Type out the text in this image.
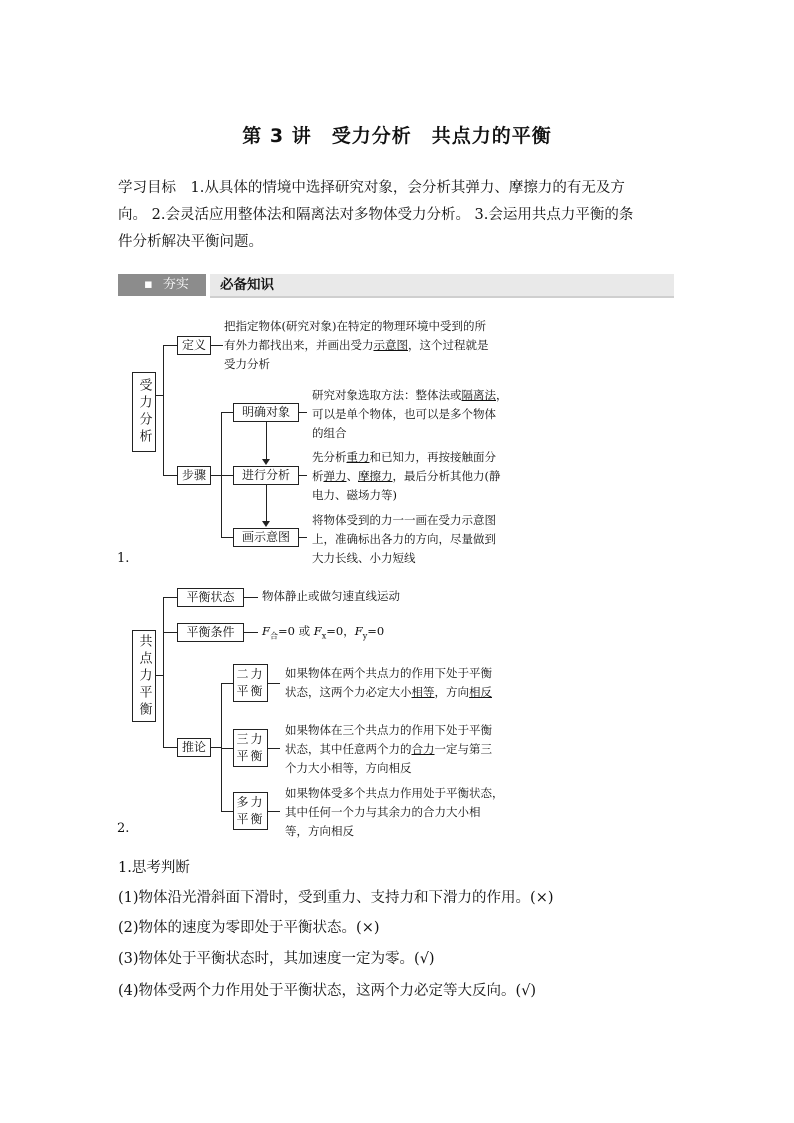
第 3 讲　受力分析　共点力的平衡
学习目标　1.从具体的情境中选择研究对象，会分析其弹力、摩擦力的有无及方
向。 2.会灵活应用整体法和隔离法对多物体受力分析。 3.会运用共点力平衡的条
件分析解决平衡问题。
▪ 夯实	必备知识
受力分析
定义
把指定物体(研究对象)在特定的物理环境中受到的所
有外力都找出来，并画出受力示意图，这个过程就是
受力分析
步骤
明确对象
研究对象选取方法：整体法或隔离法，
可以是单个物体，也可以是多个物体
的组合
进行分析
先分析重力和已知力，再按接触面分
析弹力、摩擦力，最后分析其他力(静
电力、磁场力等)
画示意图
将物体受到的力一一画在受力示意图
上，准确标出各力的方向，尽量做到
大力长线、小力短线
1.
共点力平衡
平衡状态	物体静止或做匀速直线运动
平衡条件	$F_合=0$ 或 $F_x=0$，$F_y=0$
推论
二力平衡
如果物体在两个共点力的作用下处于平衡
状态，这两个力必定大小相等，方向相反
三力平衡
如果物体在三个共点力的作用下处于平衡
状态，其中任意两个力的合力一定与第三
个力大小相等，方向相反
多力平衡
如果物体受多个共点力作用处于平衡状态，
其中任何一个力与其余力的合力大小相
等，方向相反
2.
1.思考判断
(1)物体沿光滑斜面下滑时，受到重力、支持力和下滑力的作用。(×)
(2)物体的速度为零即处于平衡状态。(×)
(3)物体处于平衡状态时，其加速度一定为零。(√)
(4)物体受两个力作用处于平衡状态，这两个力必定等大反向。(√)
